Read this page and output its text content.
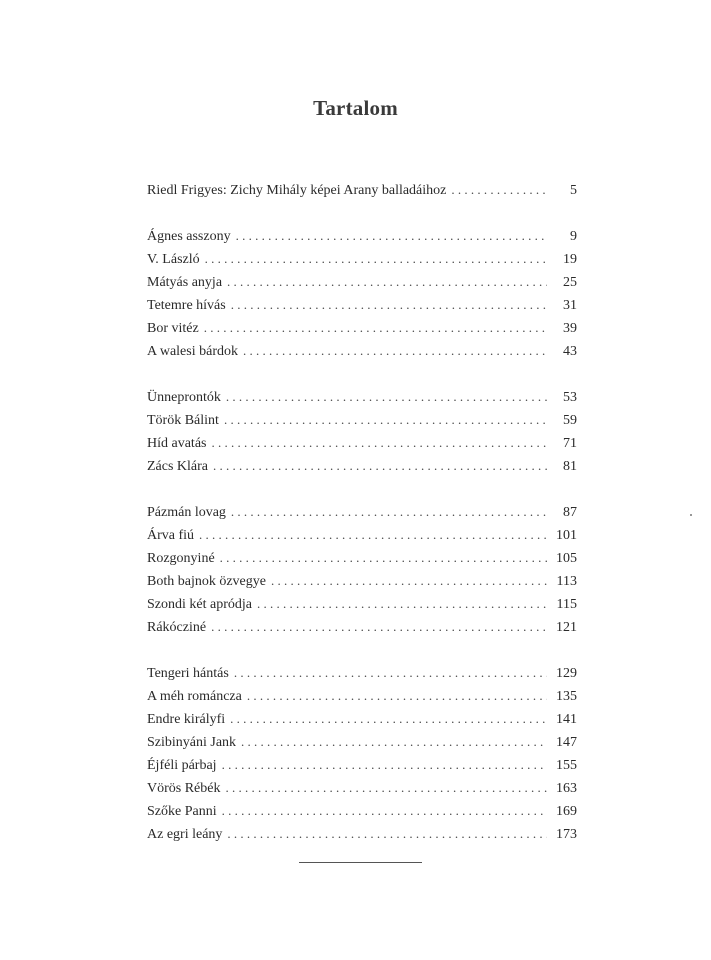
Tartalom
Riedl Frigyes: Zichy Mihály képei Arany balladáihoz . . .	5
Ágnes asszony . . .	9
V. László . . .	19
Mátyás anyja . . .	25
Tetemre hívás . . .	31
Bor vitéz . . .	39
A walesi bárdok . . .	43
Ünneprontók . . .	53
Török Bálint . . .	59
Híd avatás . . .	71
Zács Klára . . .	81
Pázmán lovag . . .	87
Árva fiú . . .	101
Rozgonyiné . . .	105
Both bajnok özvegye . . .	113
Szondi két apródja . . .	115
Rákócziné . . .	121
Tengeri hántás . . .	129
A méh románcza . . .	135
Endre királyfi . . .	141
Szibinyáni Jank . . .	147
Éjféli párbaj . . .	155
Vörös Rébék . . .	163
Szőke Panni . . .	169
Az egri leány . . .	173
